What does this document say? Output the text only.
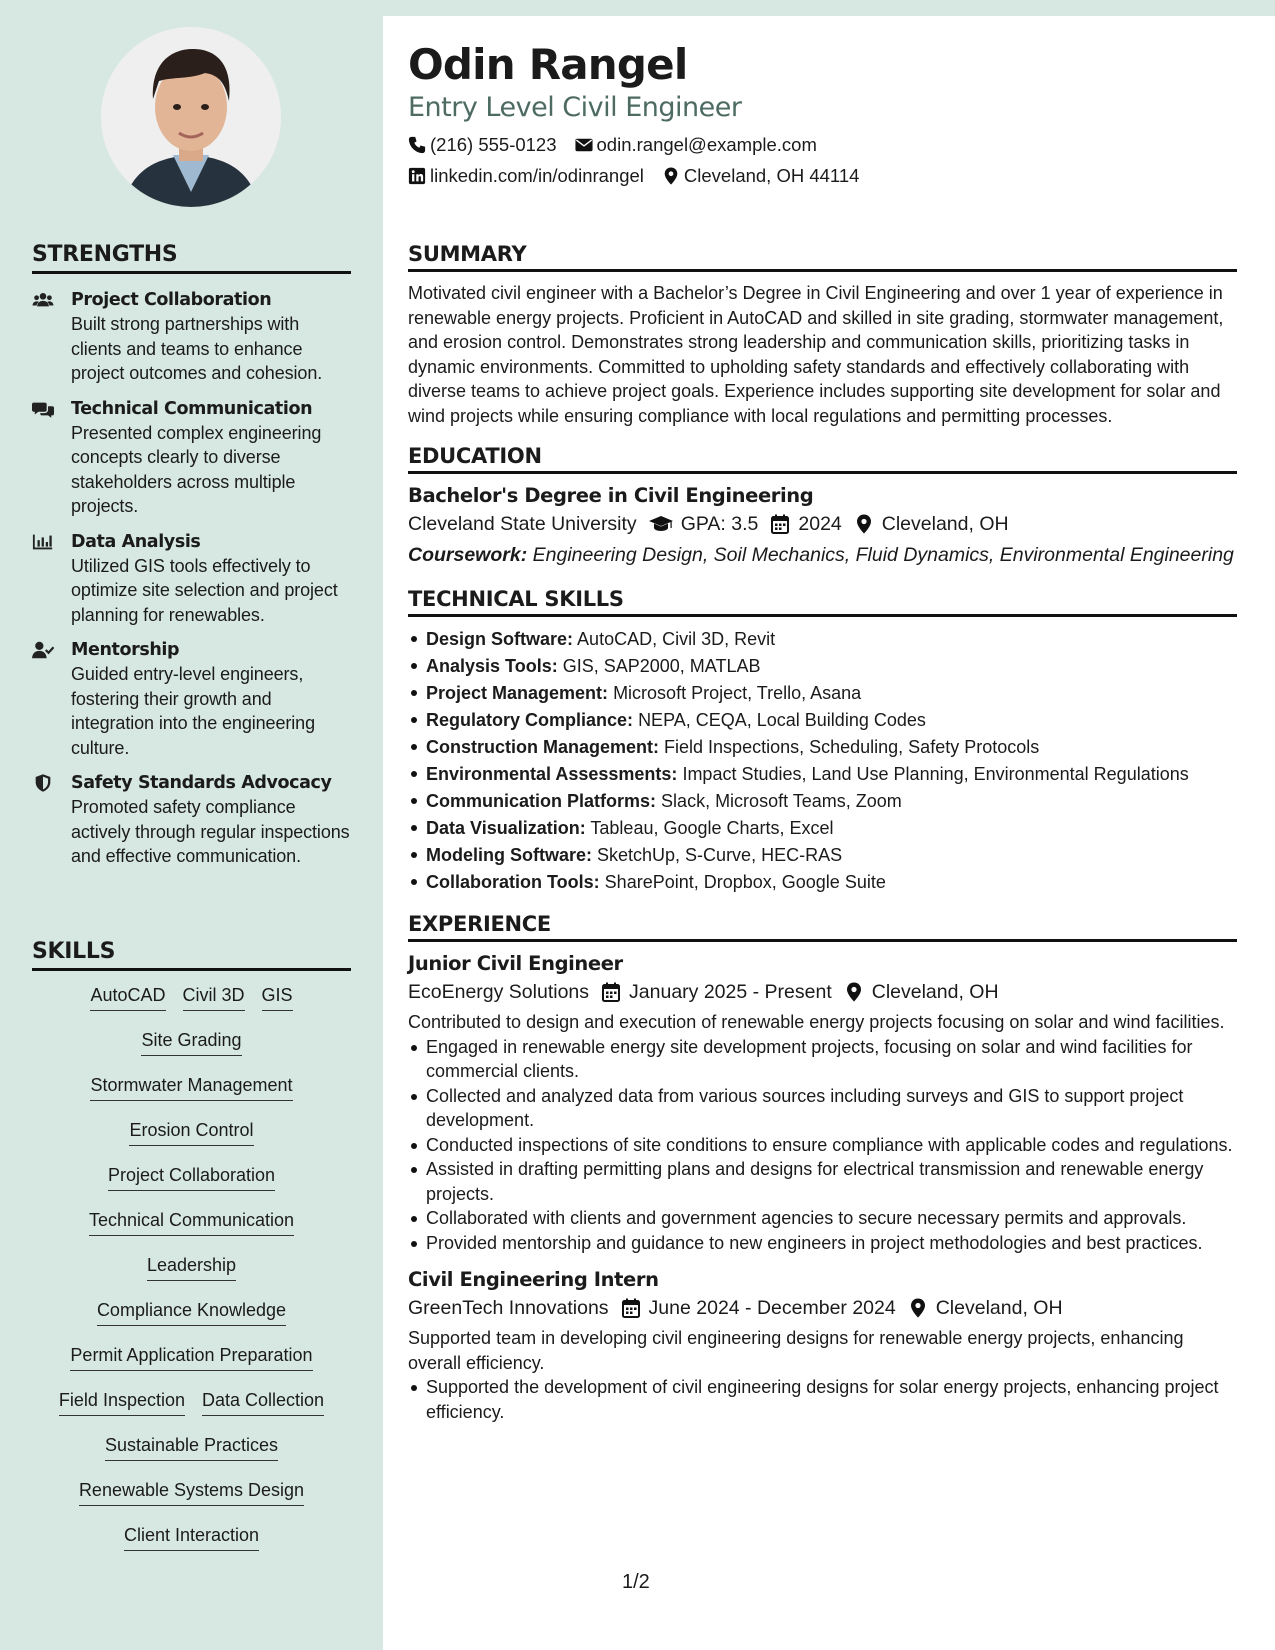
STRENGTHS
Project Collaboration
Built strong partnerships with clients and teams to enhance project outcomes and cohesion.
Technical Communication
Presented complex engineering concepts clearly to diverse stakeholders across multiple projects.
Data Analysis
Utilized GIS tools effectively to optimize site selection and project planning for renewables.
Mentorship
Guided entry-level engineers, fostering their growth and integration into the engineering culture.
Safety Standards Advocacy
Promoted safety compliance actively through regular inspections and effective communication.
SKILLS
AutoCAD Civil 3D GIS
Site Grading
Stormwater Management
Erosion Control
Project Collaboration
Technical Communication
Leadership
Compliance Knowledge
Permit Application Preparation
Field Inspection Data Collection
Sustainable Practices
Renewable Systems Design
Client Interaction
Odin Rangel
Entry Level Civil Engineer
(216) 555-0123 odin.rangel@example.com
linkedin.com/in/odinrangel Cleveland, OH 44114
SUMMARY
Motivated civil engineer with a Bachelor’s Degree in Civil Engineering and over 1 year of experience in renewable energy projects. Proficient in AutoCAD and skilled in site grading, stormwater management, and erosion control. Demonstrates strong leadership and communication skills, prioritizing tasks in dynamic environments. Committed to upholding safety standards and effectively collaborating with diverse teams to achieve project goals. Experience includes supporting site development for solar and wind projects while ensuring compliance with local regulations and permitting processes.
EDUCATION
Bachelor's Degree in Civil Engineering
Cleveland State University GPA: 3.5 2024 Cleveland, OH
Coursework: Engineering Design, Soil Mechanics, Fluid Dynamics, Environmental Engineering
TECHNICAL SKILLS
Design Software: AutoCAD, Civil 3D, Revit
Analysis Tools: GIS, SAP2000, MATLAB
Project Management: Microsoft Project, Trello, Asana
Regulatory Compliance: NEPA, CEQA, Local Building Codes
Construction Management: Field Inspections, Scheduling, Safety Protocols
Environmental Assessments: Impact Studies, Land Use Planning, Environmental Regulations
Communication Platforms: Slack, Microsoft Teams, Zoom
Data Visualization: Tableau, Google Charts, Excel
Modeling Software: SketchUp, S-Curve, HEC-RAS
Collaboration Tools: SharePoint, Dropbox, Google Suite
EXPERIENCE
Junior Civil Engineer
EcoEnergy Solutions January 2025 - Present Cleveland, OH
Contributed to design and execution of renewable energy projects focusing on solar and wind facilities.
Engaged in renewable energy site development projects, focusing on solar and wind facilities for commercial clients.
Collected and analyzed data from various sources including surveys and GIS to support project development.
Conducted inspections of site conditions to ensure compliance with applicable codes and regulations.
Assisted in drafting permitting plans and designs for electrical transmission and renewable energy projects.
Collaborated with clients and government agencies to secure necessary permits and approvals.
Provided mentorship and guidance to new engineers in project methodologies and best practices.
Civil Engineering Intern
GreenTech Innovations June 2024 - December 2024 Cleveland, OH
Supported team in developing civil engineering designs for renewable energy projects, enhancing overall efficiency.
Supported the development of civil engineering designs for solar energy projects, enhancing project efficiency.
1/2
